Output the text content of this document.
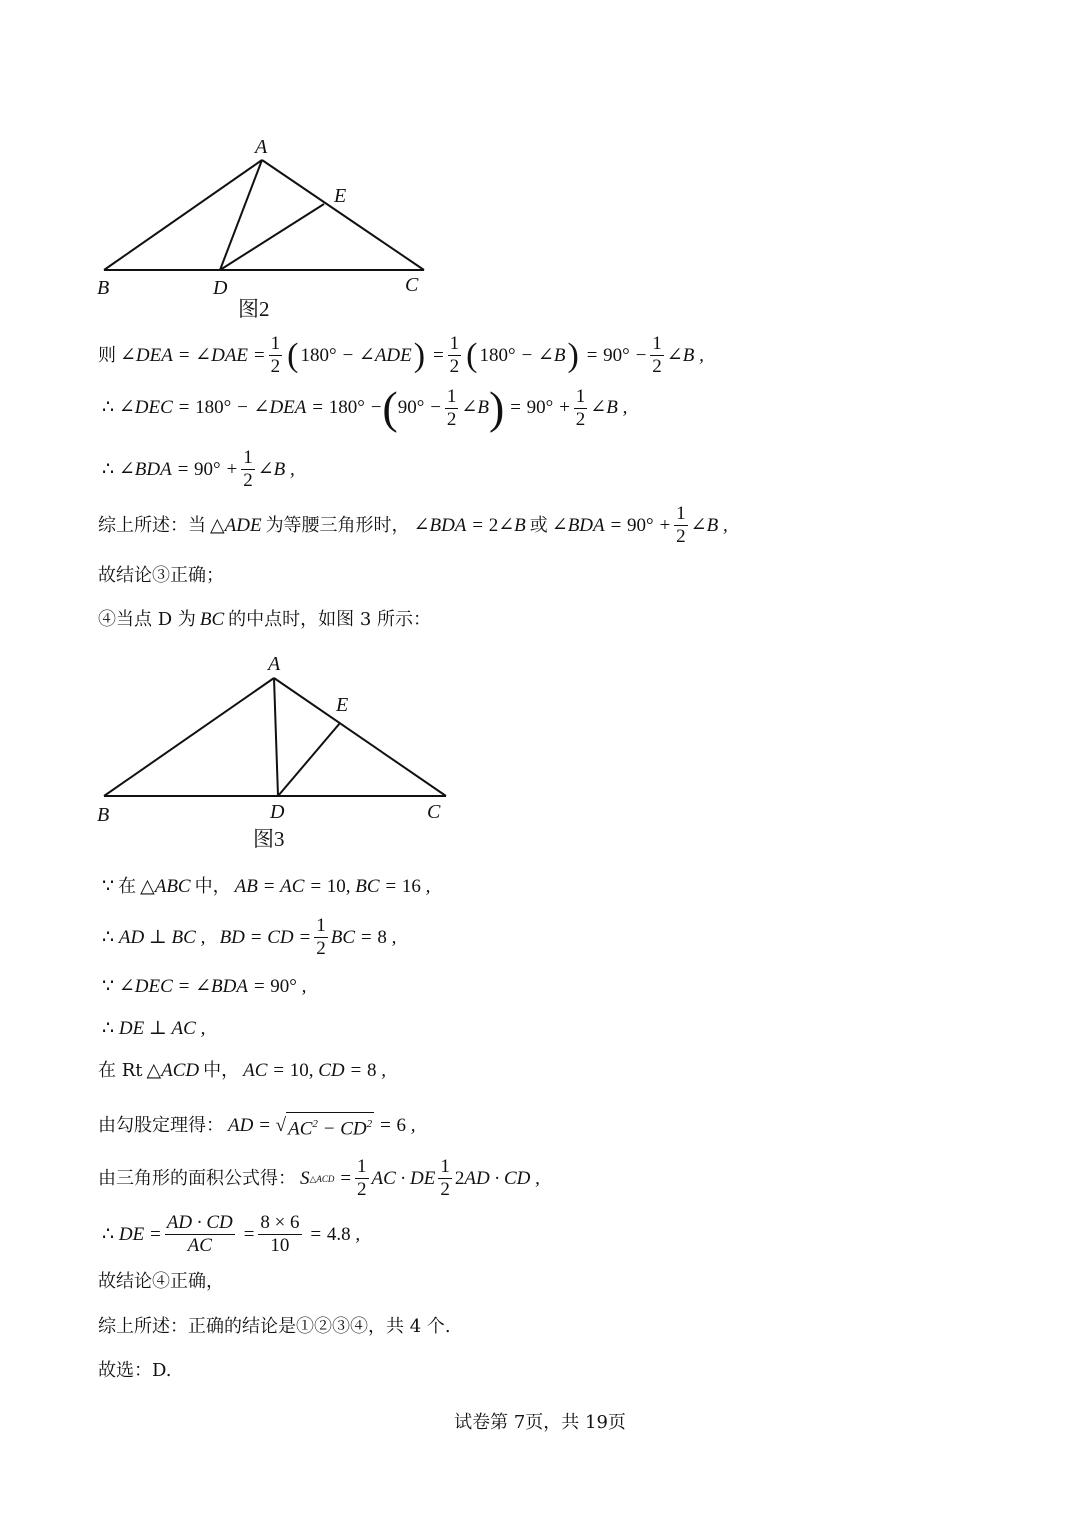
A
E
B	D	C
图2
A
E
B	D	C
图3
则 ∠ DEA = ∠ DAE = $\frac{1}{2}$ ( 180° − ∠ ADE ) = $\frac{1}{2}$ ( 180° − ∠ B ) = $90^\circ - \frac{1}{2}$ ∠ B ,
∴ ∠ DEC = 180° − ∠ DEA = 180° − ( $90^\circ - \frac{1}{2}$ ∠ B ) = $90^\circ + \frac{1}{2}$ ∠ B ,
∴ ∠ BDA = $90^\circ + \frac{1}{2}$ ∠ B ,
综上所述：当 △ ADE 为等腰三角形时， ∠ BDA = 2 ∠ B 或 ∠ BDA = $90^\circ + \frac{1}{2}$ ∠ B ,
故结论③正确；
④当点 D 为 BC 的中点时，如图 3 所示：
∵ 在 △ ABC 中， AB = AC = 10,
BC = 16 ,
∴
AD ⊥ BC , BD = CD = $\frac{1}{2}$ BC = 8 ,
∵ ∠ DEC = ∠ BDA = 90° ,
∴
DE ⊥ AC ,
在 Rt △ ACD 中， AC = 10,
CD = 8 ,
由勾股定理得： AD = √ $AC^2 - CD^2 = 6$ ,
由三角形的面积公式得： S △ACD = $\frac{1}{2}$ AC · DE $\frac{1}{2} 2$ AD · CD ,
∴
DE = $\frac{AD \cdot CD}{AC} = \frac{8 \times 6}{10} = 4.8$ ,
故结论④正确，
综上所述：正确的结论是①②③④，共 4 个.
故选：D.
试卷第 7页，共 19页
